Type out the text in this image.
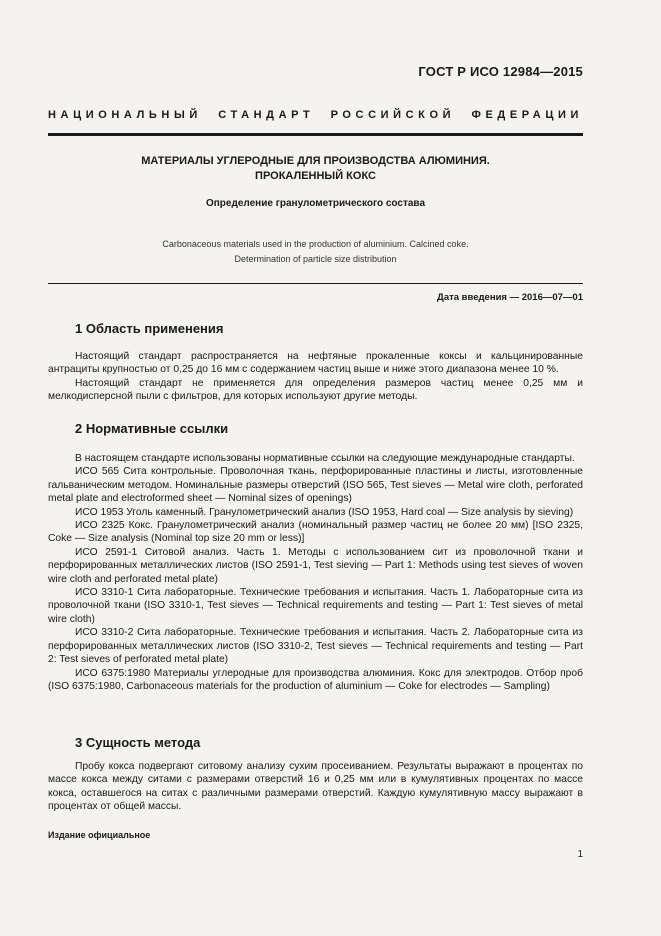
ГОСТ Р ИСО 12984—2015
НАЦИОНАЛЬНЫЙ СТАНДАРТ РОССИЙСКОЙ ФЕДЕРАЦИИ
МАТЕРИАЛЫ УГЛЕРОДНЫЕ ДЛЯ ПРОИЗВОДСТВА АЛЮМИНИЯ.
ПРОКАЛЕННЫЙ КОКС
Определение гранулометрического состава
Carbonaceous materials used in the production of aluminium. Calcined coke.
Determination of particle size distribution
Дата введения — 2016—07—01
1 Область применения

Настоящий стандарт распространяется на нефтяные прокаленные коксы и кальцинированные антрациты крупностью от 0,25 до 16 мм с содержанием частиц выше и ниже этого диапазона менее 10 %.

Настоящий стандарт не применяется для определения размеров частиц менее 0,25 мм и мелкодисперсной пыли с фильтров, для которых используют другие методы.

2 Нормативные ссылки

В настоящем стандарте использованы нормативные ссылки на следующие международные стандарты.

ИСО 565 Сита контрольные. Проволочная ткань, перфорированные пластины и листы, изготовленные гальваническим методом. Номинальные размеры отверстий (ISO 565, Test sieves — Metal wire cloth, perforated metal plate and electroformed sheet — Nominal sizes of openings)

ИСО 1953 Уголь каменный. Гранулометрический анализ (ISO 1953, Hard coal — Size analysis by sieving)

ИСО 2325 Кокс. Гранулометрический анализ (номинальный размер частиц не более 20 мм) [ISO 2325, Coke — Size analysis (Nominal top size 20 mm or less)]

ИСО 2591-1 Ситовой анализ. Часть 1. Методы с использованием сит из проволочной ткани и перфорированных металлических листов (ISO 2591-1, Test sieving — Part 1: Methods using test sieves of woven wire cloth and perforated metal plate)

ИСО 3310-1 Сита лабораторные. Технические требования и испытания. Часть 1. Лабораторные сита из проволочной ткани (ISO 3310-1, Test sieves — Technical requirements and testing — Part 1: Test sieves of metal wire cloth)

ИСО 3310-2 Сита лабораторные. Технические требования и испытания. Часть 2. Лабораторные сита из перфорированных металлических листов (ISO 3310-2, Test sieves — Technical requirements and testing — Part 2: Test sieves of perforated metal plate)

ИСО 6375:1980 Материалы углеродные для производства алюминия. Кокс для электродов. Отбор проб (ISO 6375:1980, Carbonaceous materials for the production of aluminium — Coke for electrodes — Sampling)

3 Сущность метода

Пробу кокса подвергают ситовому анализу сухим просеиванием. Результаты выражают в процентах по массе кокса между ситами с размерами отверстий 16 и 0,25 мм или в кумулятивных процентах по массе кокса, оставшегося на ситах с различными размерами отверстий. Каждую кумулятивную массу выражают в процентах от общей массы.

Издание официальное
1
